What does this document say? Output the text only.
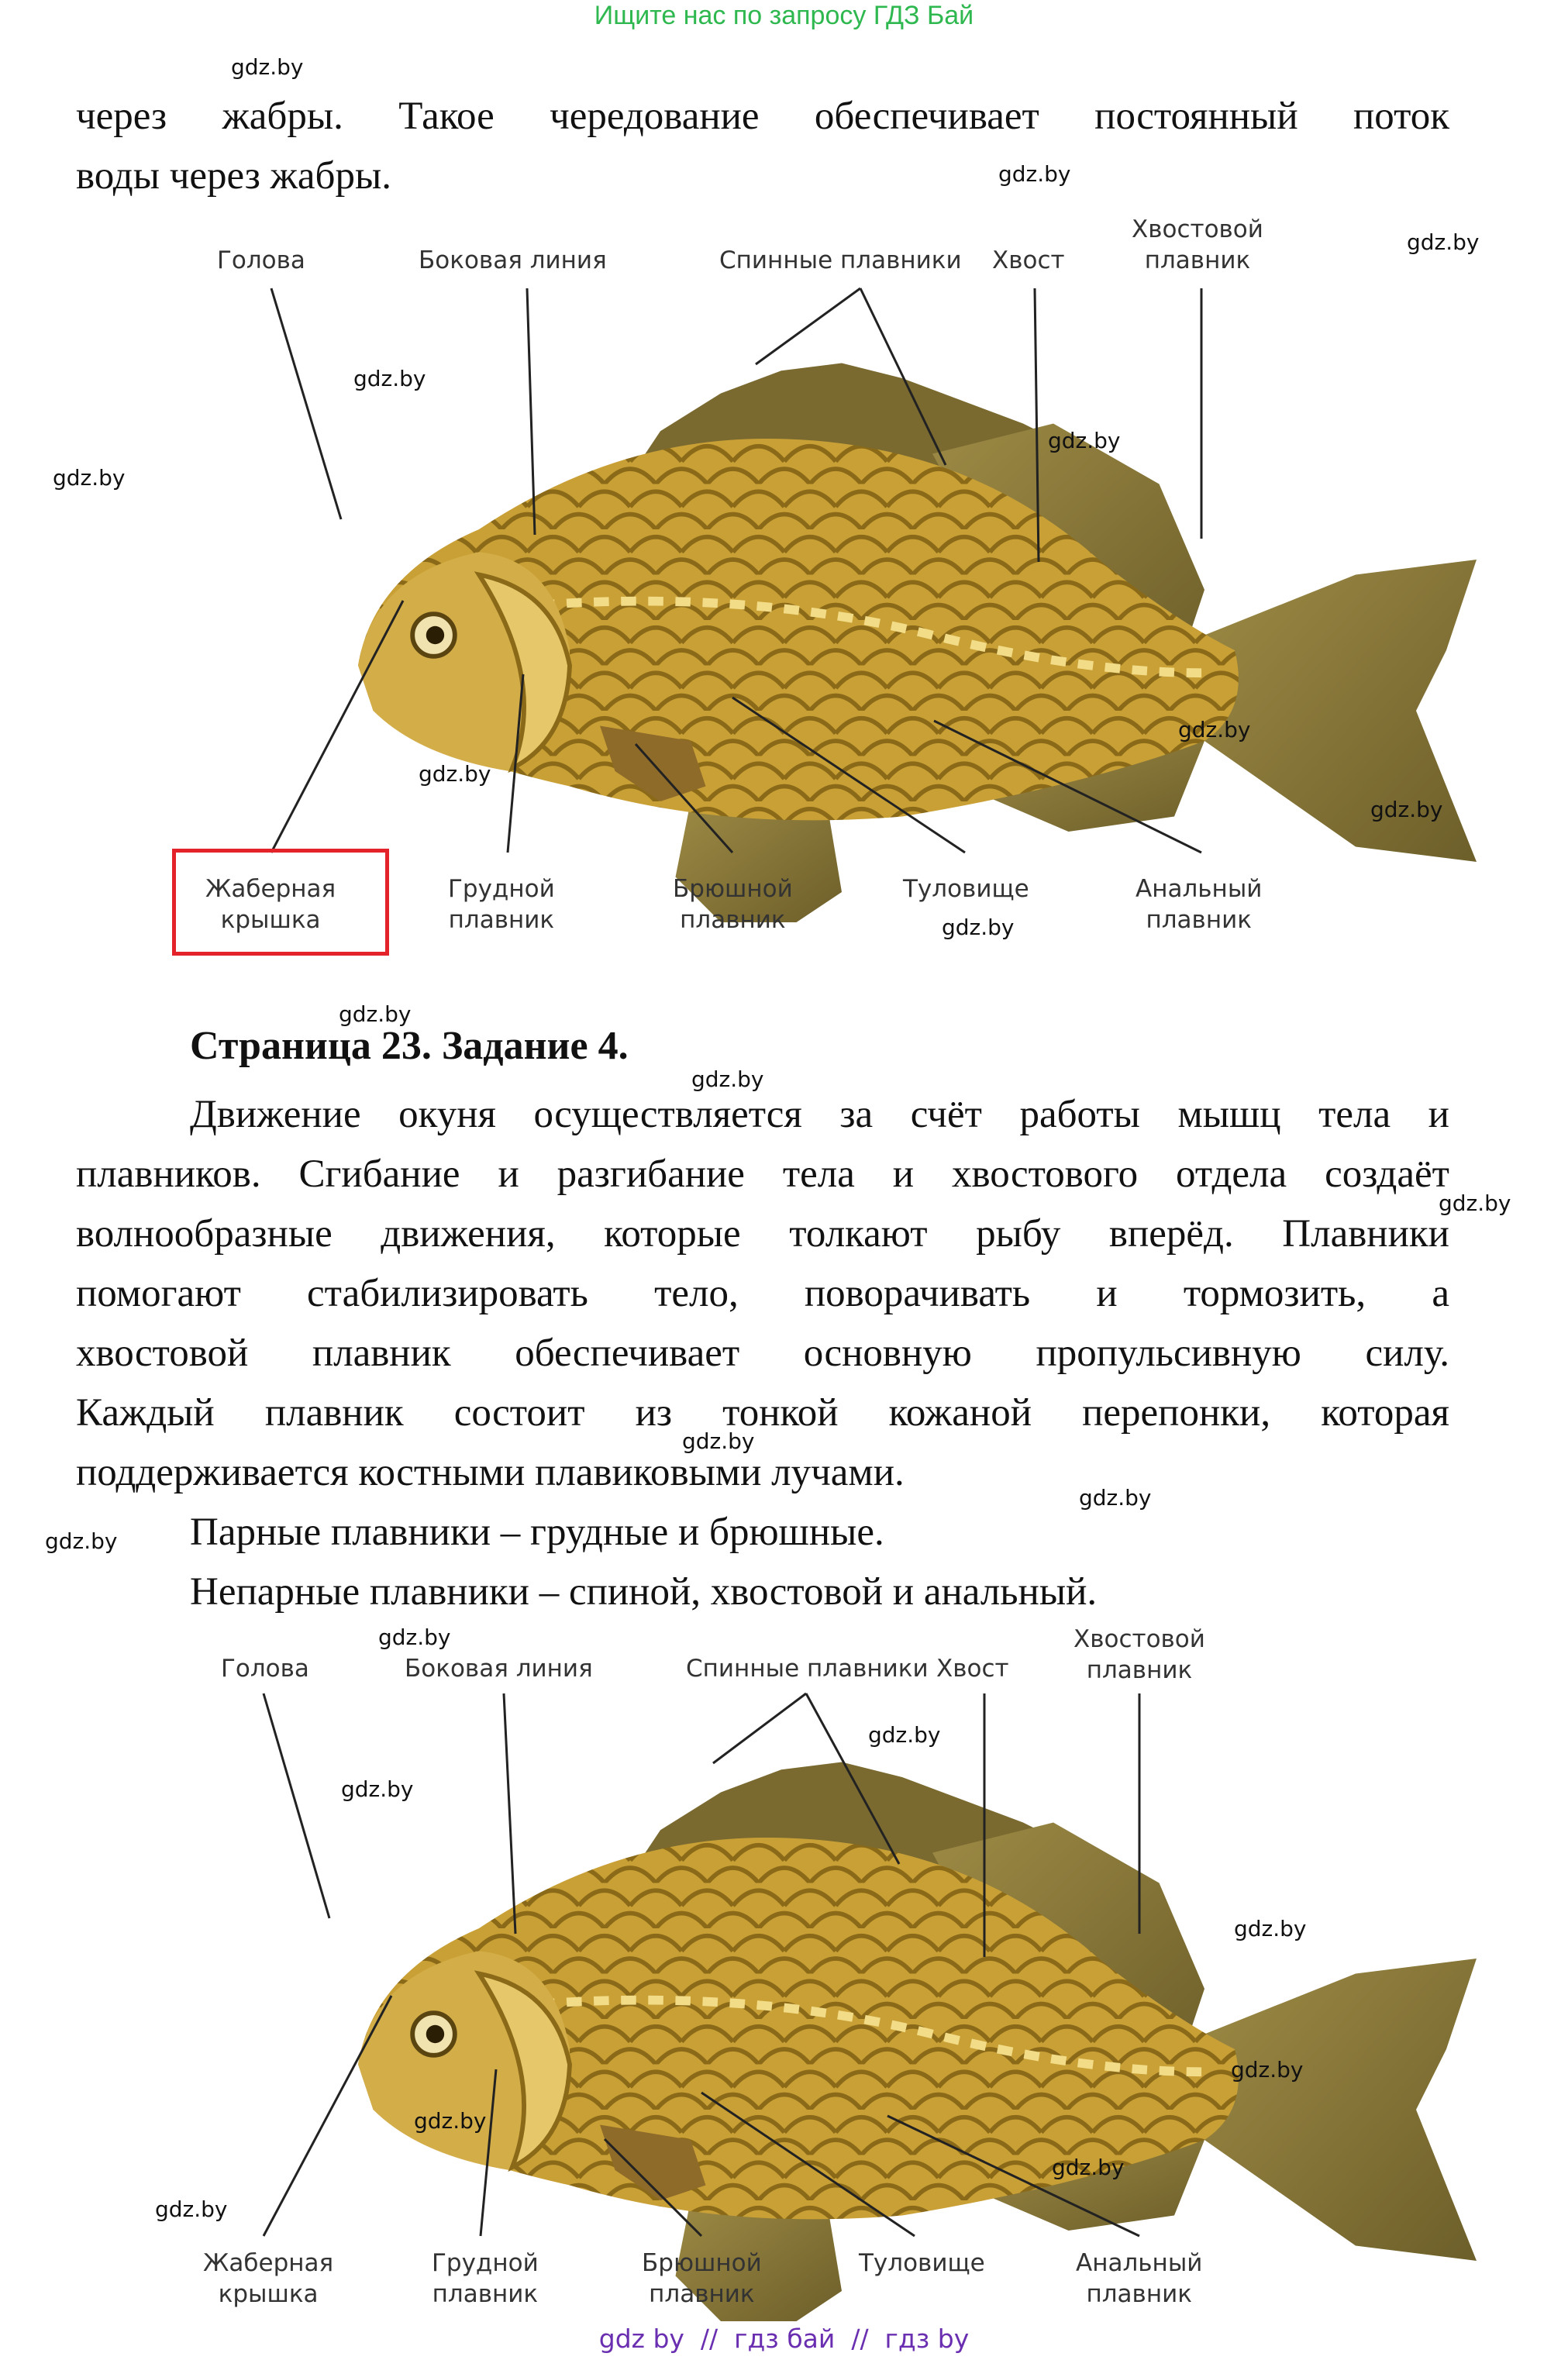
Ищите нас по запросу ГДЗ Бай
через жабры. Такое чередование обеспечивает постоянный поток
воды через жабры.
Голова	Боковая линия	Спинные плавники Хвост
Хвостовой
плавник
Жаберная
крышка
Грудной
плавник
Брюшной
плавник
Туловище	Анальный
плавник
Страница 23. Задание 4.
Движение окуня осуществляется за счёт работы мышц тела и
плавников. Сгибание и разгибание тела и хвостового отдела создаёт
волнообразные движения, которые толкают рыбу вперёд. Плавники
помогают стабилизировать тело, поворачивать и тормозить, а
хвостовой плавник обеспечивает основную пропульсивную силу.
Каждый плавник состоит из тонкой кожаной перепонки, которая
поддерживается костными плавиковыми лучами.
Парные плавники – грудные и брюшные.
Непарные плавники – спиной, хвостовой и анальный.
Голова	Боковая линия	Спинные плавники Хвост
Хвостовой
плавник
Жаберная
крышка
Грудной
плавник
Брюшной
плавник
Туловище	Анальный
плавник
gdz.by
gdz.by
gdz.by
gdz.by
gdz.by
gdz.by
gdz.by
gdz.by
gdz.by
gdz.by
gdz.by
gdz.by
gdz.by
gdz.by
gdz.by
gdz.by
gdz.by
gdz.by
gdz.by
gdz.by
gdz.by
gdz.by
gdz.by
gdz.by
gdz by  //  гдз бай  //  гдз by
